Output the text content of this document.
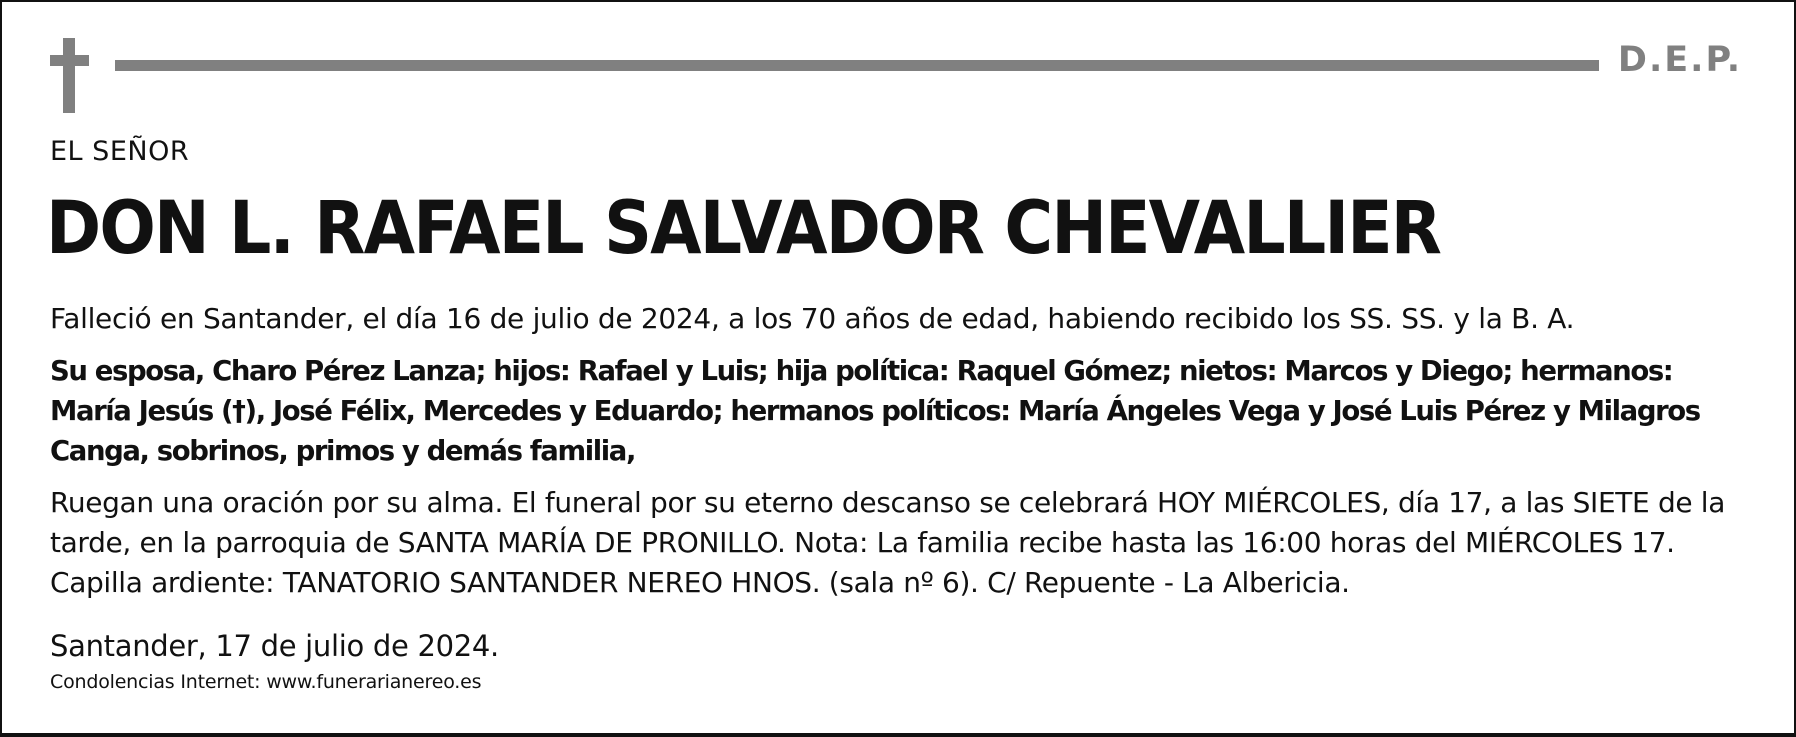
D.E.P.
EL SEÑOR
DON L. RAFAEL SALVADOR CHEVALLIER
Falleció en Santander, el día 16 de julio de 2024, a los 70 años de edad, habiendo recibido los SS. SS. y la B. A.
Su esposa, Charo Pérez Lanza; hijos: Rafael y Luis; hija política: Raquel Gómez; nietos: Marcos y Diego; hermanos: María Jesús (†), José Félix, Mercedes y Eduardo; hermanos políticos: María Ángeles Vega y José Luis Pérez y Milagros Canga, sobrinos, primos y demás familia,
Ruegan una oración por su alma. El funeral por su eterno descanso se celebrará HOY MIÉRCOLES, día 17, a las SIETE de la tarde, en la parroquia de SANTA MARÍA DE PRONILLO. Nota: La familia recibe hasta las 16:00 horas del MIÉRCOLES 17. Capilla ardiente: TANATORIO SANTANDER NEREO HNOS. (sala nº 6). C/ Repuente - La Albericia.
Santander, 17 de julio de 2024.
Condolencias Internet: www.funerarianereo.es
